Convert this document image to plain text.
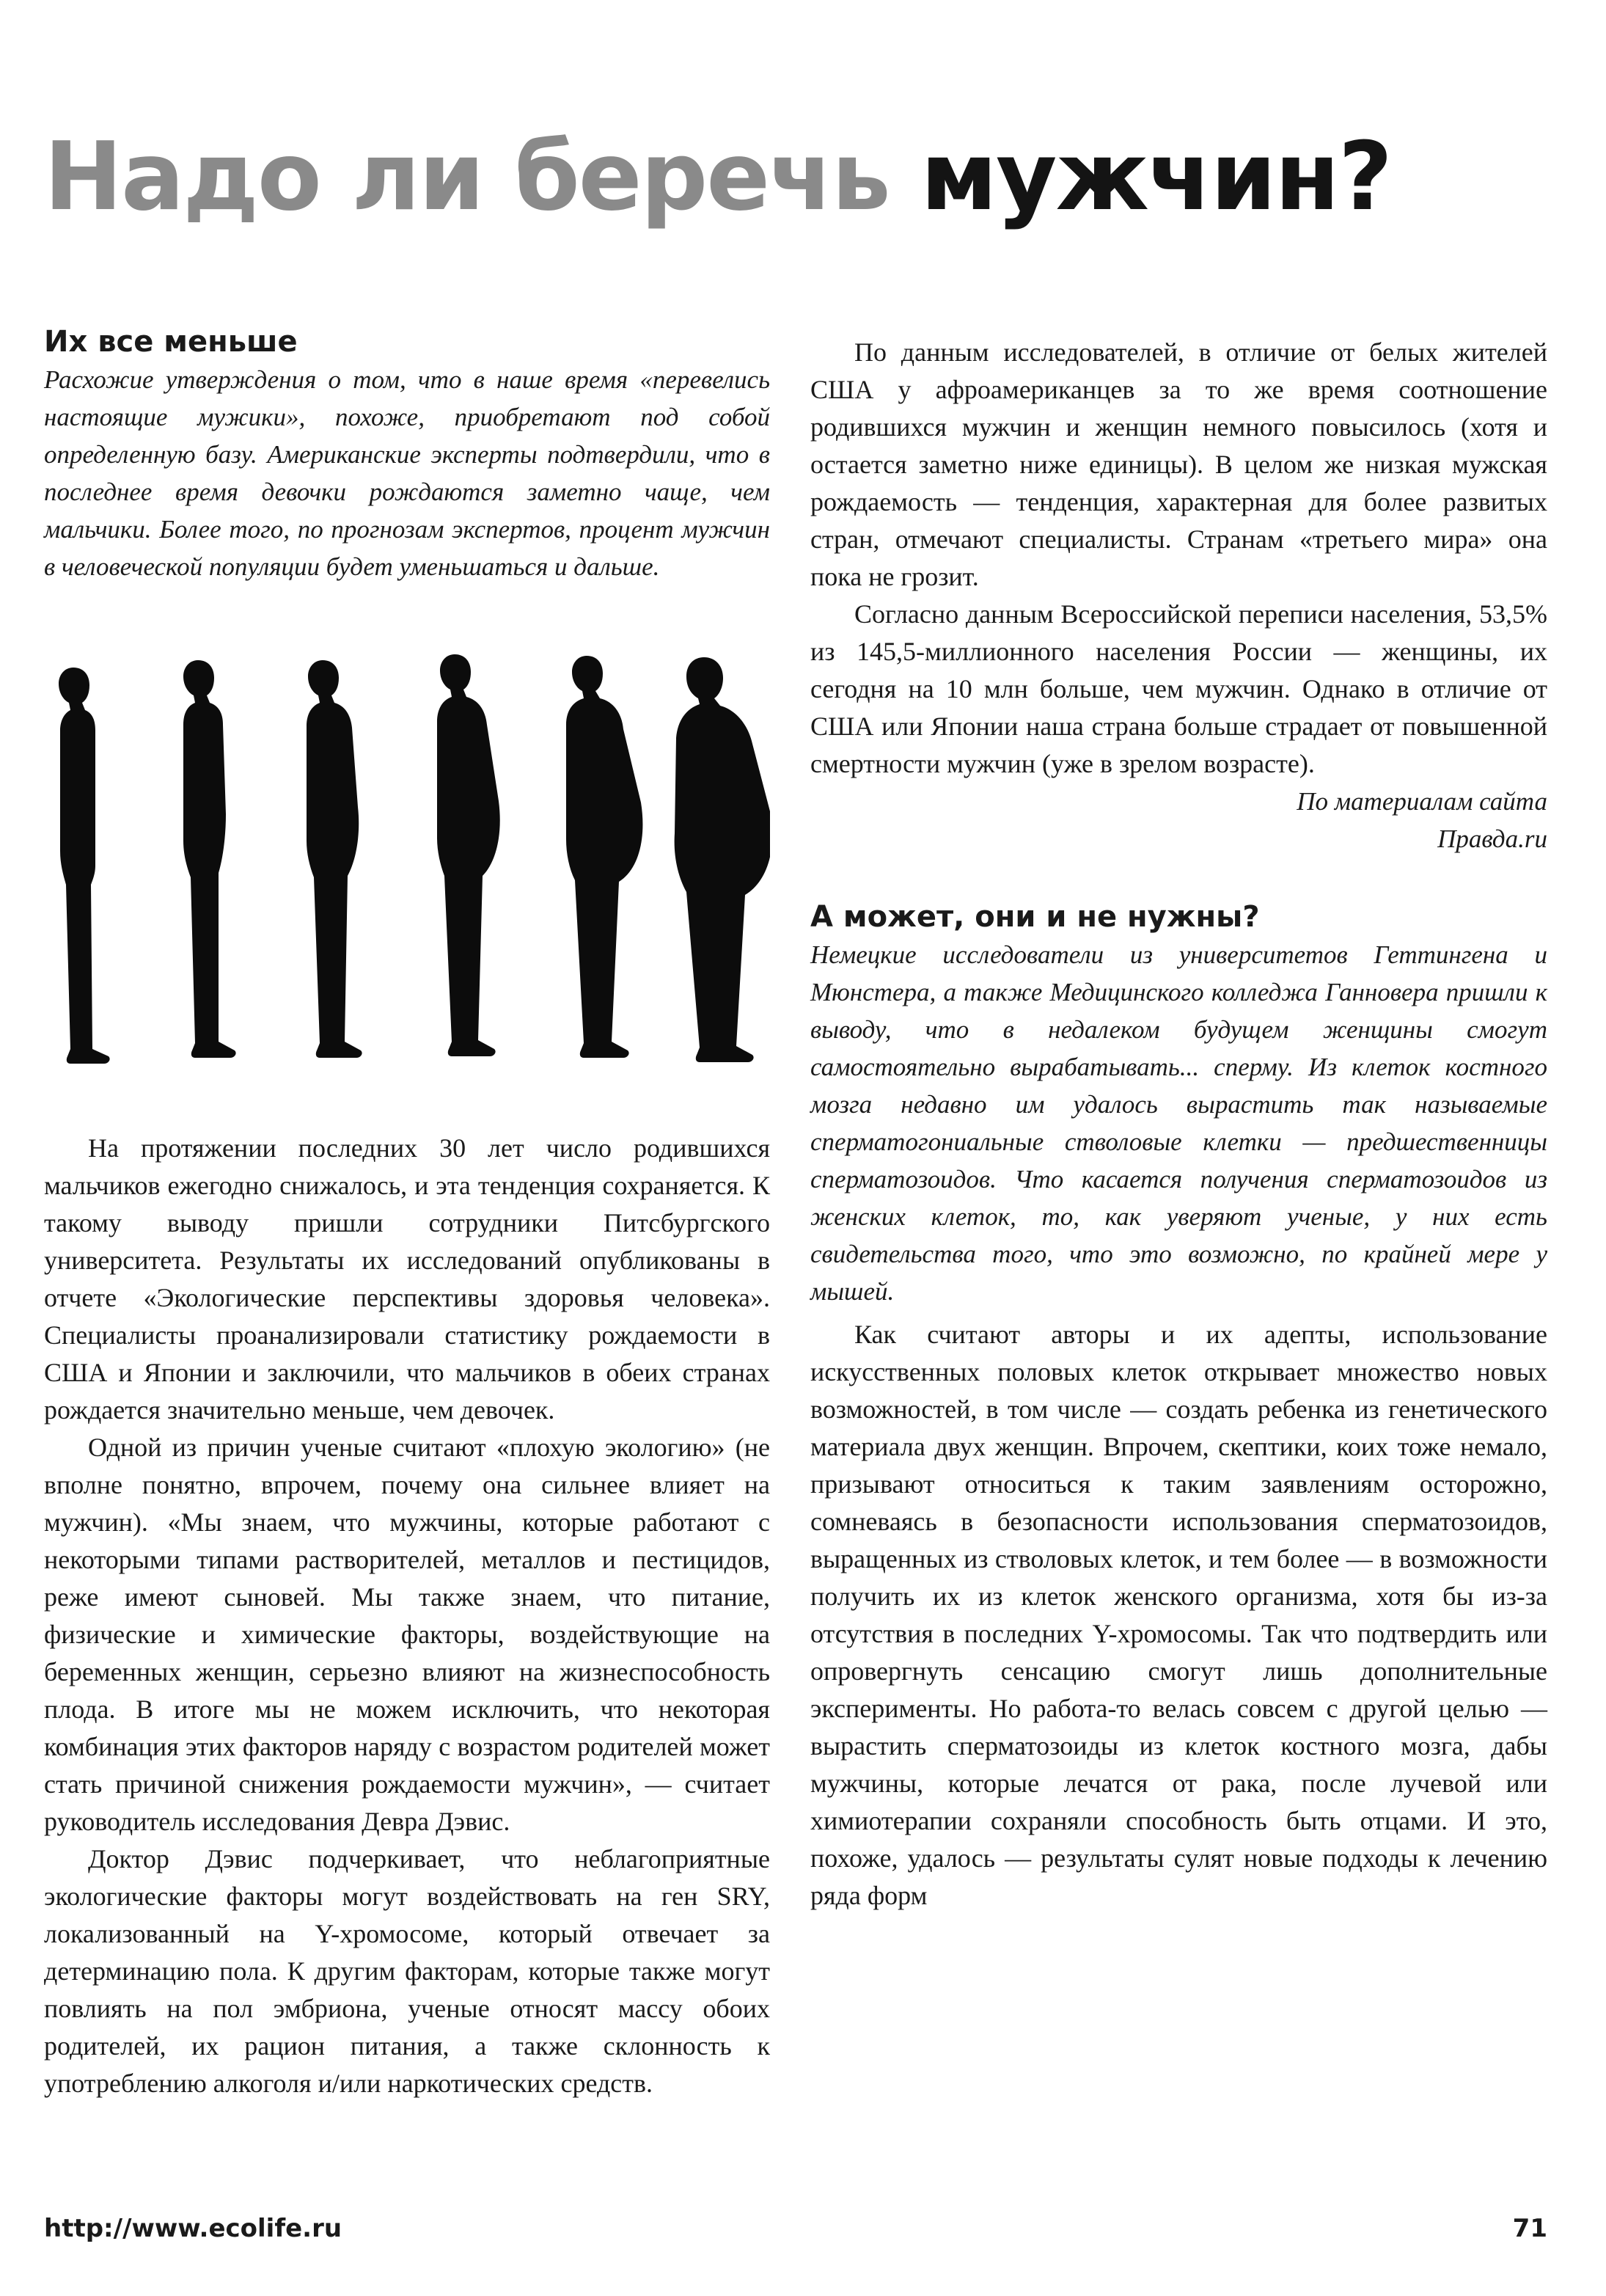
Надо ли беречь мужчин?
Их все меньше

Расхожие утверждения о том, что в наше время «перевелись настоящие мужики», похоже, приобретают под собой определенную базу. Американские эксперты подтвердили, что в последнее время девочки рождаются заметно чаще, чем мальчики. Более того, по прогнозам экспертов, процент мужчин в человеческой популяции будет уменьшаться и дальше.

На протяжении последних 30 лет число родившихся мальчиков ежегодно снижалось, и эта тенденция сохраняется. К такому выводу пришли сотрудники Питсбургского университета. Результаты их исследований опубликованы в отчете «Экологические перспективы здоровья человека». Специалисты проанализировали статистику рождаемости в США и Японии и заключили, что мальчиков в обеих странах рождается значительно меньше, чем девочек.

Одной из причин ученые считают «плохую экологию» (не вполне понятно, впрочем, почему она сильнее влияет на мужчин). «Мы знаем, что мужчины, которые работают с некоторыми типами растворителей, металлов и пестицидов, реже имеют сыновей. Мы также знаем, что питание, физические и химические факторы, воздействующие на беременных женщин, серьезно влияют на жизнеспособность плода. В итоге мы не можем исключить, что некоторая комбинация этих факторов наряду с возрастом родителей может стать причиной снижения рождаемости мужчин», — считает руководитель исследования Девра Дэвис.

Доктор Дэвис подчеркивает, что неблагоприятные экологические факторы могут воздействовать на ген SRY, локализованный на Y-хромосоме, который отвечает за детерминацию пола. К другим факторам, которые также могут повлиять на пол эмбриона, ученые относят массу обоих родителей, их рацион питания, а также склонность к употреблению алкоголя и/или наркотических средств.

По данным исследователей, в отличие от белых жителей США у афроамериканцев за то же время соотношение родившихся мужчин и женщин немного повысилось (хотя и остается заметно ниже единицы). В целом же низкая мужская рождаемость — тенденция, характерная для более развитых стран, отмечают специалисты. Странам «третьего мира» она пока не грозит.

Согласно данным Всероссийской переписи населения, 53,5% из 145,5-миллионного населения России — женщины, их сегодня на 10 млн больше, чем мужчин. Однако в отличие от США или Японии наша страна больше страдает от повышенной смертности мужчин (уже в зрелом возрасте).

По материалам сайта

Правда.ru

А может, они и не нужны?

Немецкие исследователи из университетов Геттингена и Мюнстера, а также Медицинского колледжа Ганновера пришли к выводу, что в недалеком будущем женщины смогут самостоятельно вырабатывать... сперму. Из клеток костного мозга недавно им удалось вырастить так называемые сперматогониальные стволовые клетки — предшественницы сперматозоидов. Что касается получения сперматозоидов из женских клеток, то, как уверяют ученые, у них есть свидетельства того, что это возможно, по крайней мере у мышей.

Как считают авторы и их адепты, использование искусственных половых клеток открывает множество новых возможностей, в том числе — создать ребенка из генетического материала двух женщин. Впрочем, скептики, коих тоже немало, призывают относиться к таким заявлениям осторожно, сомневаясь в безопасности использования сперматозоидов, выращенных из стволовых клеток, и тем более — в возможности получить их из клеток женского организма, хотя бы из-за отсутствия в последних Y-хромосомы. Так что подтвердить или опровергнуть сенсацию смогут лишь дополнительные эксперименты. Но работа-то велась совсем с другой целью — вырастить сперматозоиды из клеток костного мозга, дабы мужчины, которые лечатся от рака, после лучевой или химиотерапии сохраняли способность быть отцами. И это, похоже, удалось — результаты сулят новые подходы к лечению ряда форм

http://www.ecolife.ru	71
